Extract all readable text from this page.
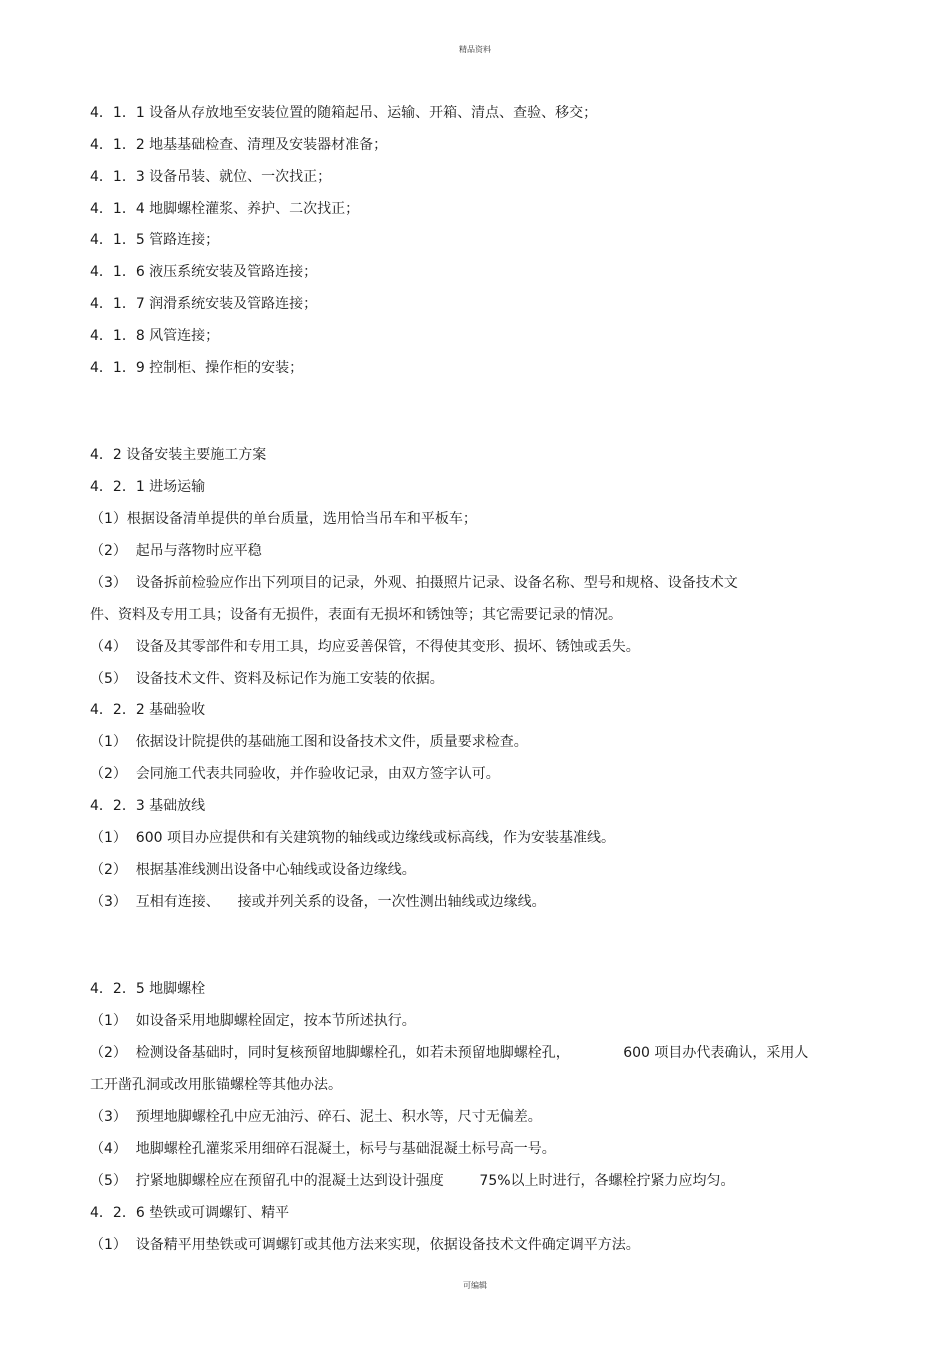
精品资料
4．1．1 设备从存放地至安装位置的随箱起吊、运输、开箱、清点、查验、移交；
4．1．2 地基基础检查、清理及安装器材准备；
4．1．3 设备吊装、就位、一次找正；
4．1．4 地脚螺栓灌浆、养护、二次找正；
4．1．5 管路连接；
4．1．6 液压系统安装及管路连接；
4．1．7 润滑系统安装及管路连接；
4．1．8 风管连接；
4．1．9 控制柜、操作柜的安装；
4．2 设备安装主要施工方案
4．2．1 进场运输
（1）根据设备清单提供的单台质量，选用恰当吊车和平板车；
（2）  起吊与落物时应平稳
（3）  设备拆前检验应作出下列项目的记录，外观、拍摄照片记录、设备名称、型号和规格、设备技术文
件、资料及专用工具；设备有无损件，表面有无损坏和锈蚀等；其它需要记录的情况。
（4）  设备及其零部件和专用工具，均应妥善保管，不得使其变形、损坏、锈蚀或丢失。
（5）  设备技术文件、资料及标记作为施工安装的依据。
4．2．2 基础验收
（1）  依据设计院提供的基础施工图和设备技术文件，质量要求检查。
（2）  会同施工代表共同验收，并作验收记录，由双方签字认可。
4．2．3 基础放线
（1）  600 项目办应提供和有关建筑物的轴线或边缘线或标高线，作为安装基准线。
（2）  根据基准线测出设备中心轴线或设备边缘线。
（3）  互相有连接、    接或并列关系的设备，一次性测出轴线或边缘线。
4．2．5 地脚螺栓
（1）  如设备采用地脚螺栓固定，按本节所述执行。
（2）  检测设备基础时，同时复核预留地脚螺栓孔，如若未预留地脚螺栓孔，            600 项目办代表确认，采用人
工开凿孔洞或改用胀锚螺栓等其他办法。
（3）  预埋地脚螺栓孔中应无油污、碎石、泥土、积水等，尺寸无偏差。
（4）  地脚螺栓孔灌浆采用细碎石混凝土，标号与基础混凝土标号高一号。
（5）  拧紧地脚螺栓应在预留孔中的混凝土达到设计强度        75%以上时进行，各螺栓拧紧力应均匀。
4．2．6 垫铁或可调螺钉、精平
（1）  设备精平用垫铁或可调螺钉或其他方法来实现，依据设备技术文件确定调平方法。
可编辑
